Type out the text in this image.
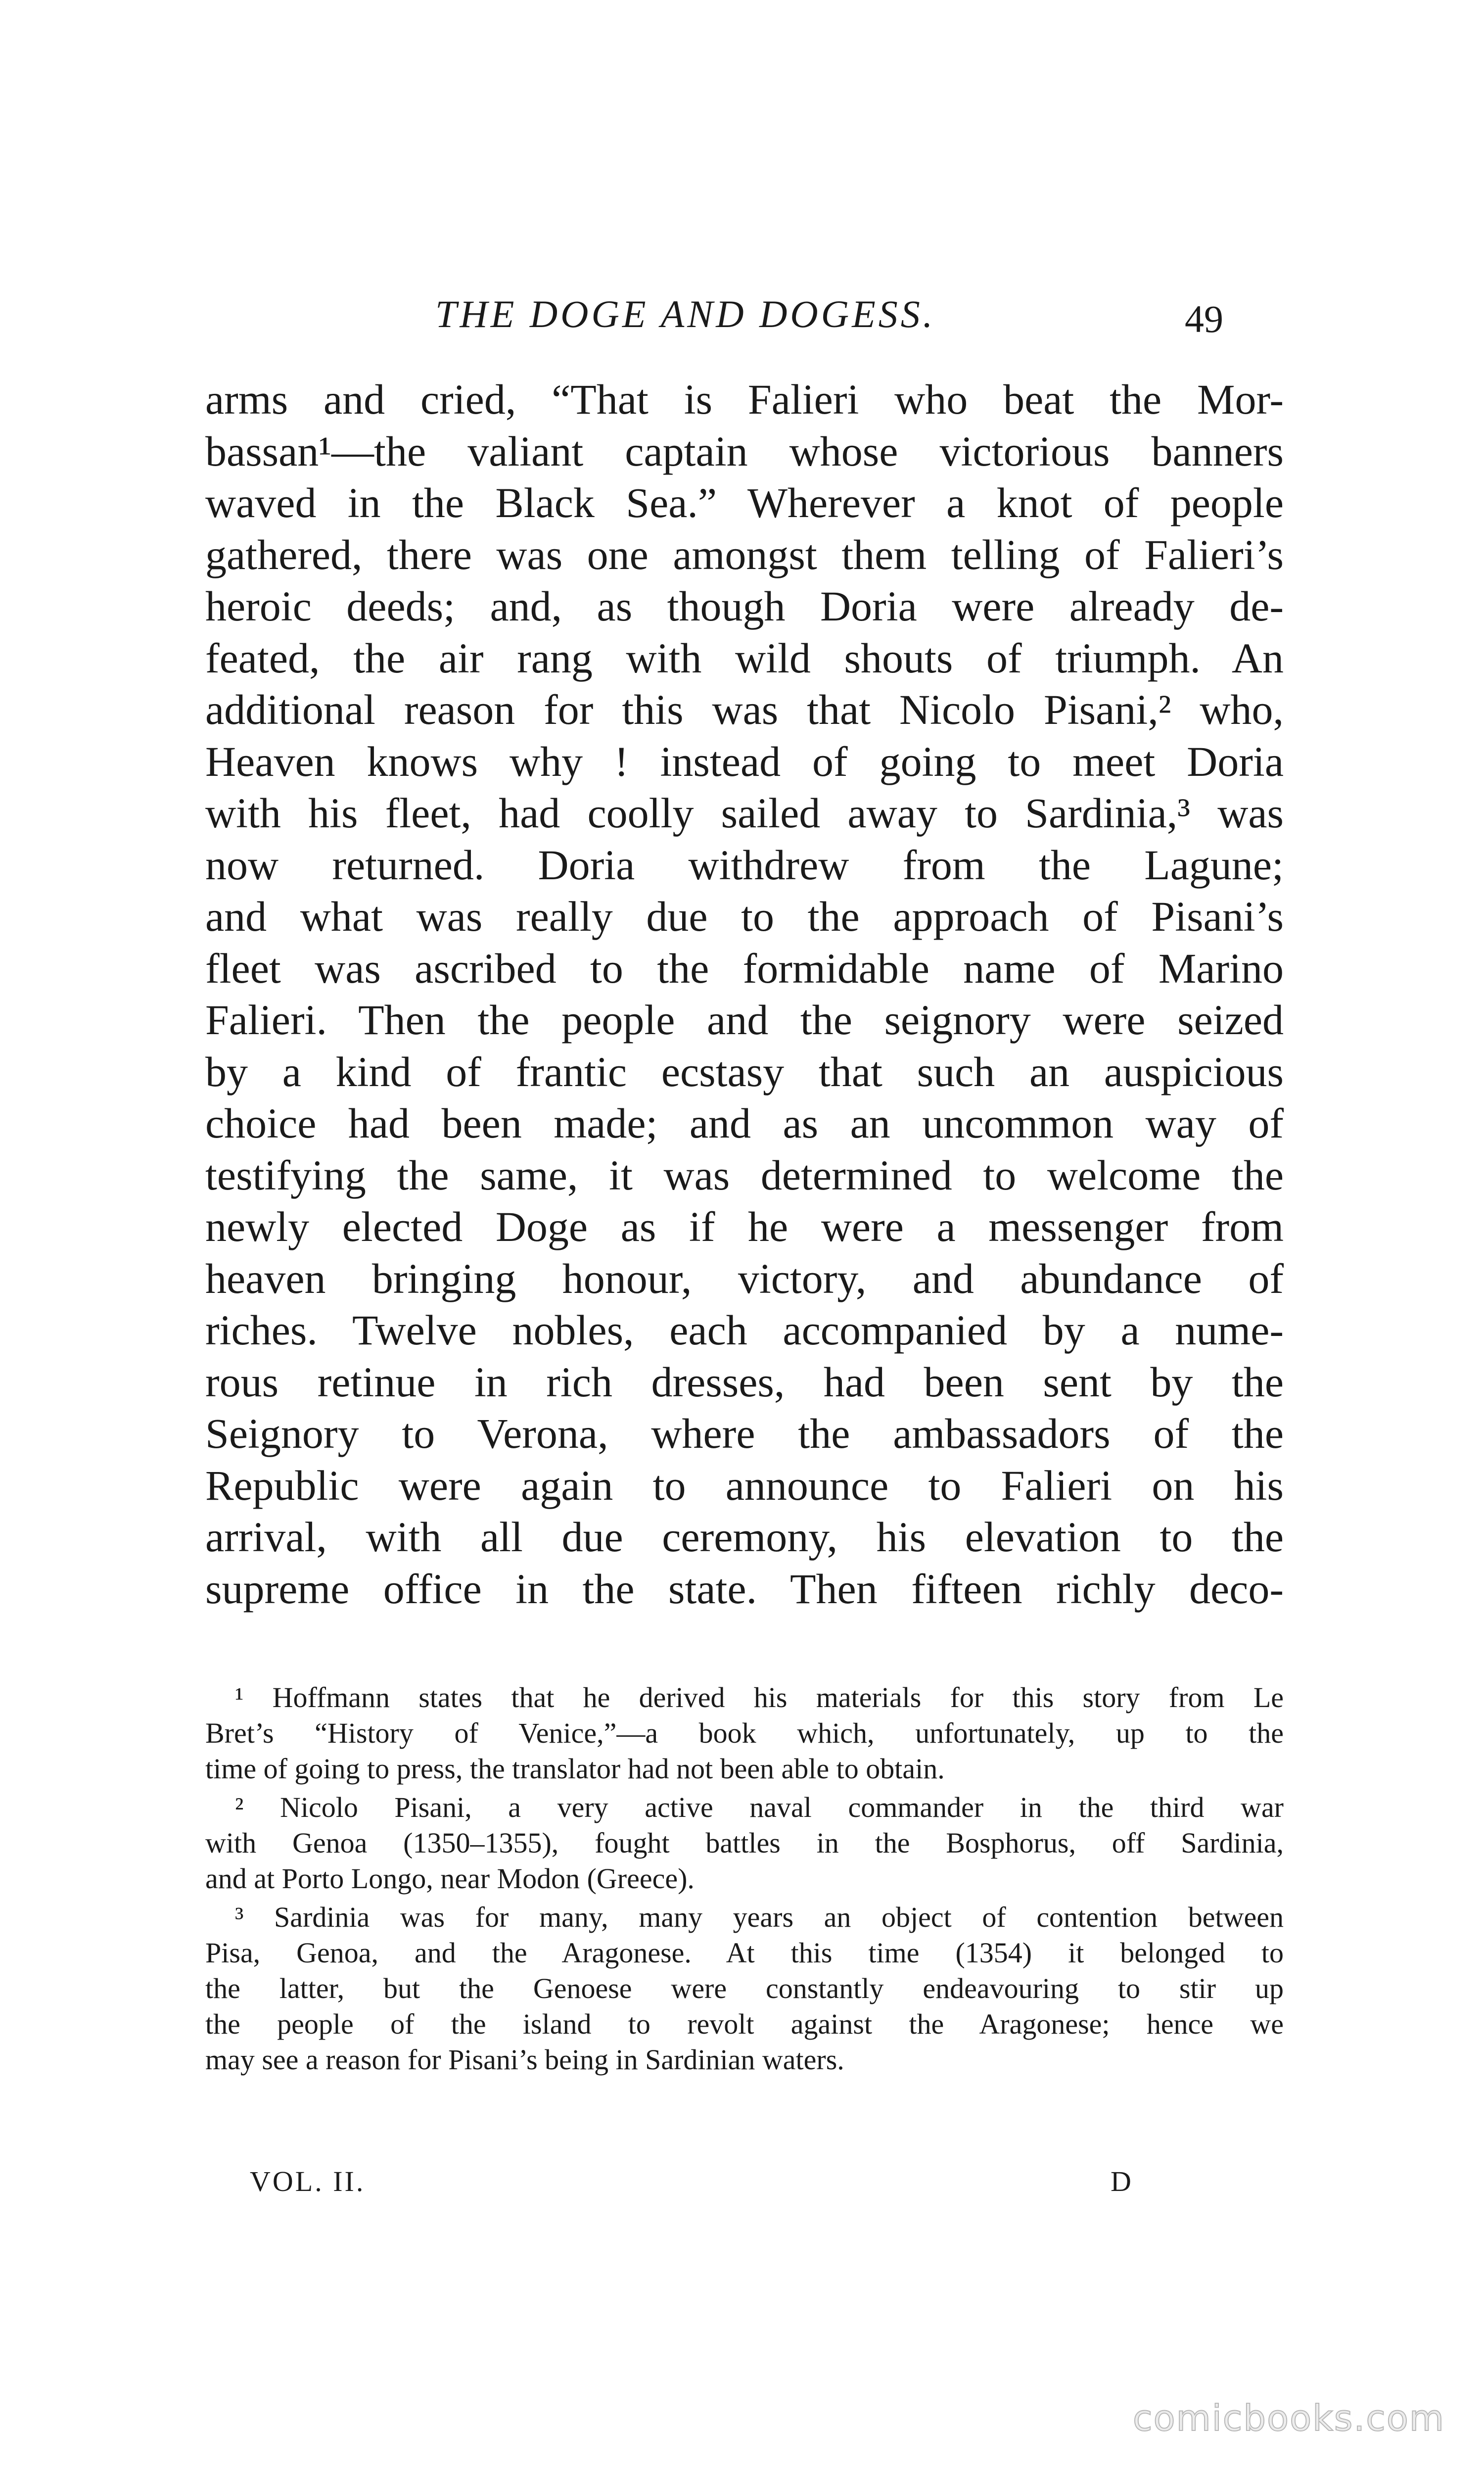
THE DOGE AND DOGESS.	49
arms and cried, “That is Falieri who beat the Mor-
bassan¹—the valiant captain whose victorious banners
waved in the Black Sea.” Wherever a knot of people
gathered, there was one amongst them telling of Falieri’s
heroic deeds; and, as though Doria were already de-
feated, the air rang with wild shouts of triumph. An
additional reason for this was that Nicolo Pisani,² who,
Heaven knows why ! instead of going to meet Doria
with his fleet, had coolly sailed away to Sardinia,³ was
now returned. Doria withdrew from the Lagune;
and what was really due to the approach of Pisani’s
fleet was ascribed to the formidable name of Marino
Falieri. Then the people and the seignory were seized
by a kind of frantic ecstasy that such an auspicious
choice had been made; and as an uncommon way of
testifying the same, it was determined to welcome the
newly elected Doge as if he were a messenger from
heaven bringing honour, victory, and abundance of
riches. Twelve nobles, each accompanied by a nume-
rous retinue in rich dresses, had been sent by the
Seignory to Verona, where the ambassadors of the
Republic were again to announce to Falieri on his
arrival, with all due ceremony, his elevation to the
supreme office in the state. Then fifteen richly deco-
¹ Hoffmann states that he derived his materials for this story from Le
Bret’s “History of Venice,”—a book which, unfortunately, up to the
time of going to press, the translator had not been able to obtain.
² Nicolo Pisani, a very active naval commander in the third war
with Genoa (1350–1355), fought battles in the Bosphorus, off Sardinia,
and at Porto Longo, near Modon (Greece).
³ Sardinia was for many, many years an object of contention between
Pisa, Genoa, and the Aragonese. At this time (1354) it belonged to
the latter, but the Genoese were constantly endeavouring to stir up
the people of the island to revolt against the Aragonese; hence we
may see a reason for Pisani’s being in Sardinian waters.
VOL. II.	D
comicbooks.com
